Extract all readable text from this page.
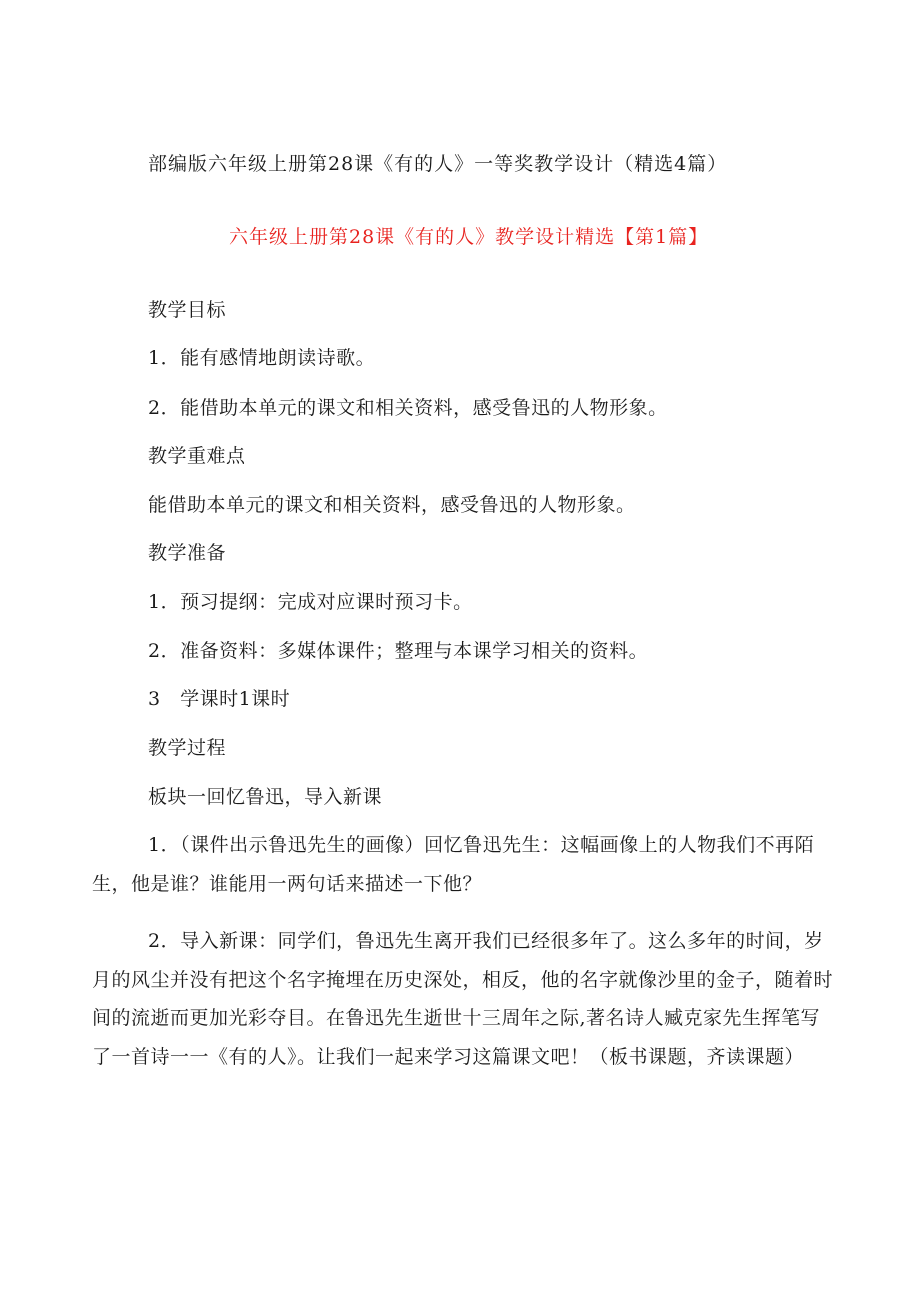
部编版六年级上册第28课《有的人》一等奖教学设计（精选4篇）
六年级上册第28课《有的人》教学设计精选【第1篇】
教学目标
1．能有感情地朗读诗歌。
2．能借助本单元的课文和相关资料，感受鲁迅的人物形象。
教学重难点
能借助本单元的课文和相关资料，感受鲁迅的人物形象。
教学准备
1．预习提纲：完成对应课时预习卡。
2．准备资料：多媒体课件；整理与本课学习相关的资料。
3　学课时1课时
教学过程
板块一回忆鲁迅，导入新课
1．（课件出示鲁迅先生的画像）回忆鲁迅先生：这幅画像上的人物我们不再陌生，他是谁？谁能用一两句话来描述一下他？
2．导入新课：同学们，鲁迅先生离开我们已经很多年了。这么多年的时间，岁月的风尘并没有把这个名字掩埋在历史深处，相反，他的名字就像沙里的金子，随着时间的流逝而更加光彩夺目。在鲁迅先生逝世十三周年之际,著名诗人臧克家先生挥笔写了一首诗一一《有的人》。让我们一起来学习这篇课文吧！（板书课题，齐读课题）
